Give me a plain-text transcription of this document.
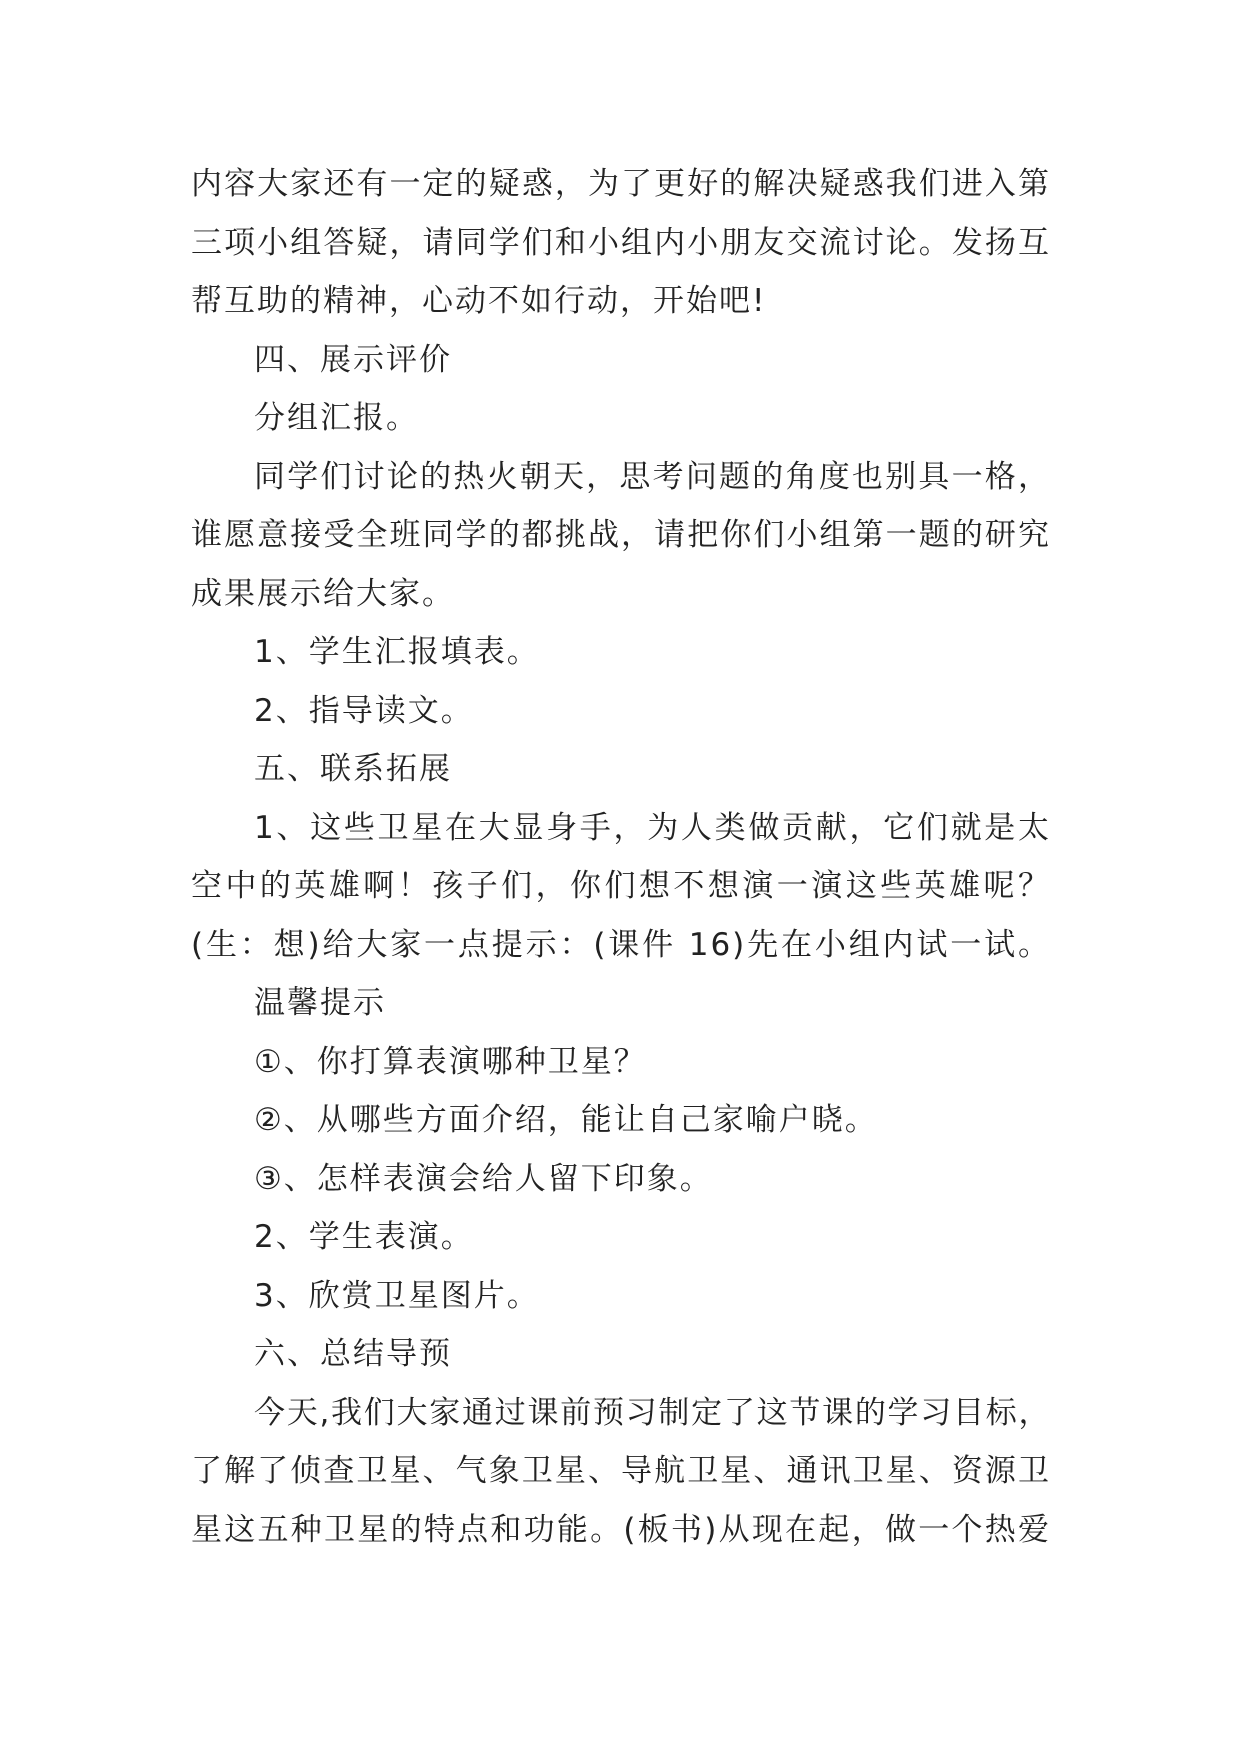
内容大家还有一定的疑惑，为了更好的解决疑惑我们进入第
三项小组答疑，请同学们和小组内小朋友交流讨论。发扬互
帮互助的精神，心动不如行动，开始吧!
四、展示评价
分组汇报。
同学们讨论的热火朝天，思考问题的角度也别具一格，
谁愿意接受全班同学的都挑战，请把你们小组第一题的研究
成果展示给大家。
1、学生汇报填表。
2、指导读文。
五、联系拓展
1、这些卫星在大显身手，为人类做贡献，它们就是太
空中的英雄啊！孩子们，你们想不想演一演这些英雄呢？
(生：想)给大家一点提示：(课件 16)先在小组内试一试。
温馨提示
①、你打算表演哪种卫星？
②、从哪些方面介绍，能让自己家喻户晓。
③、怎样表演会给人留下印象。
2、学生表演。
3、欣赏卫星图片。
六、总结导预
今天,我们大家通过课前预习制定了这节课的学习目标，
了解了侦查卫星、气象卫星、导航卫星、通讯卫星、资源卫
星这五种卫星的特点和功能。(板书)从现在起，做一个热爱
